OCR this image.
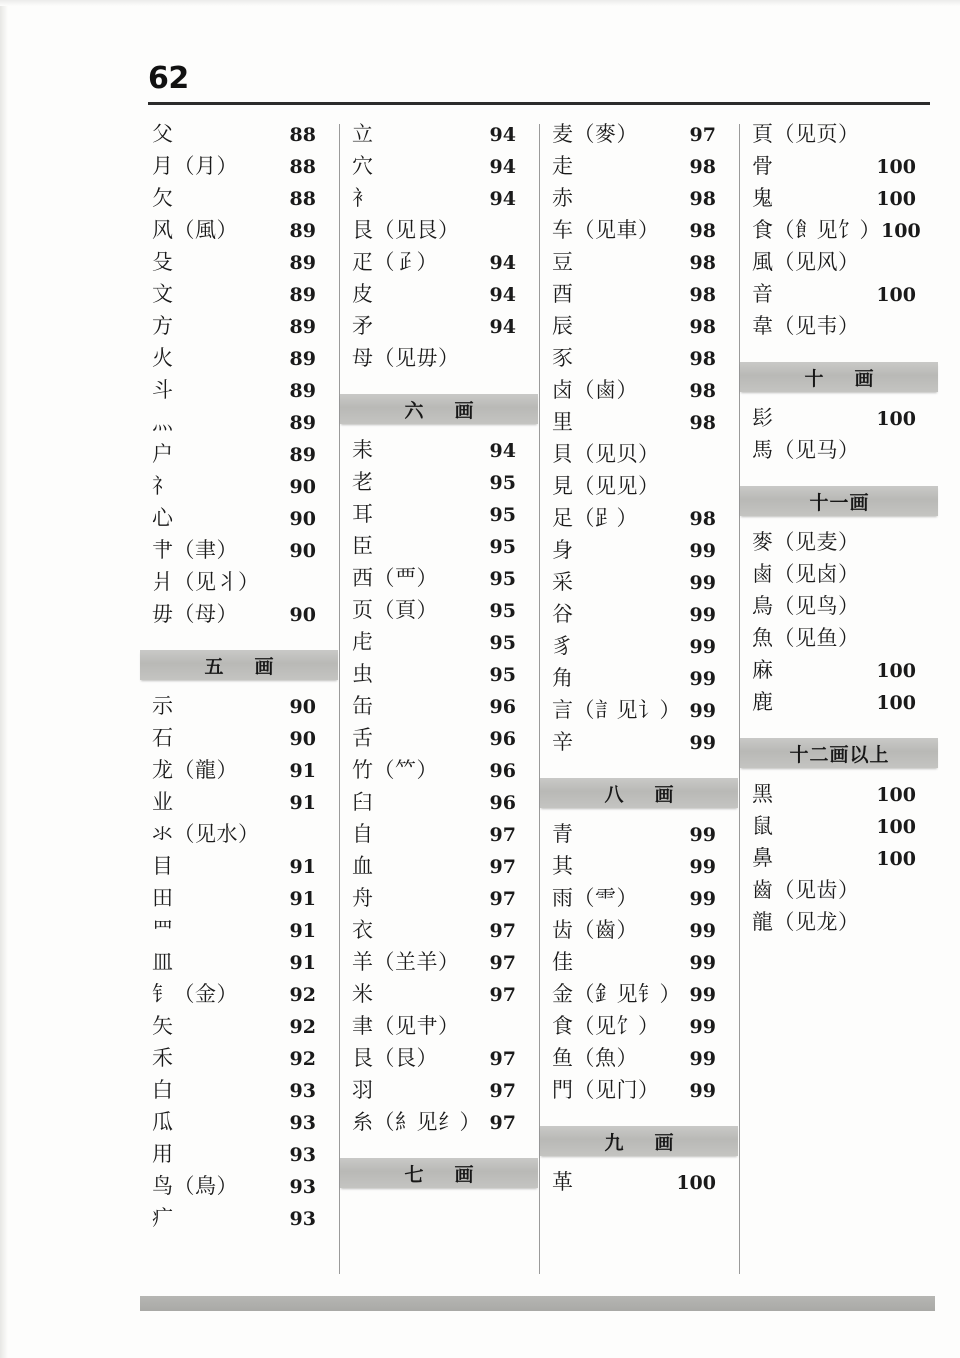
62
父	88
月（月）	88
欠	88
风（風）	89
殳	89
文	89
方	89
火	89
斗	89
灬	89
户	89
礻	90
心	90
肀（聿）	90
爿（见丬）
毋（母）	90
五　画
示	90
石	90
龙（龍）	91
业	91
氺（见水）
目	91
田	91
罒	91
皿	91
钅（金）	92
矢	92
禾	92
白	93
瓜	93
用	93
鸟（鳥）	93
疒	93
立	94
穴	94
衤	94
艮（见艮）
疋（𤴔）	94
皮	94
矛	94
母（见毋）
六　画
耒	94
老	95
耳	95
臣	95
西（覀）	95
页（頁）	95
虍	95
虫	95
缶	96
舌	96
竹（𥫗）	96
臼	96
自	97
血	97
舟	97
衣	97
羊（𦍌羊） 97
米	97
聿（见肀）
艮（艮）	97
羽	97
糸（糹见纟） 97
七　画
麦（麥）	97
走	98
赤	98
车（见車） 98
豆	98
酉	98
辰	98
豕	98
卤（鹵）	98
里	98
貝（见贝）
見（见见）
足（𧾷）	98
身	99
采	99
谷	99
豸	99
角	99
言（訁见讠） 99
辛	99
八　画
青	99
其	99
雨（⻗）	99
齿（齒）	99
佳	99
金（釒见钅） 99
食（见饣） 99
鱼（魚）	99
門（见门） 99
九　画
革	100
頁（见页）
骨	100
鬼	100
食（飠见饣） 100
風（见风）
音	100
韋（见韦）
十　画
髟	100
馬（见马）
十一画
麥（见麦）
鹵（见卤）
鳥（见鸟）
魚（见鱼）
麻	100
鹿	100
十二画以上
黑	100
鼠	100
鼻	100
齒（见齿）
龍（见龙）
